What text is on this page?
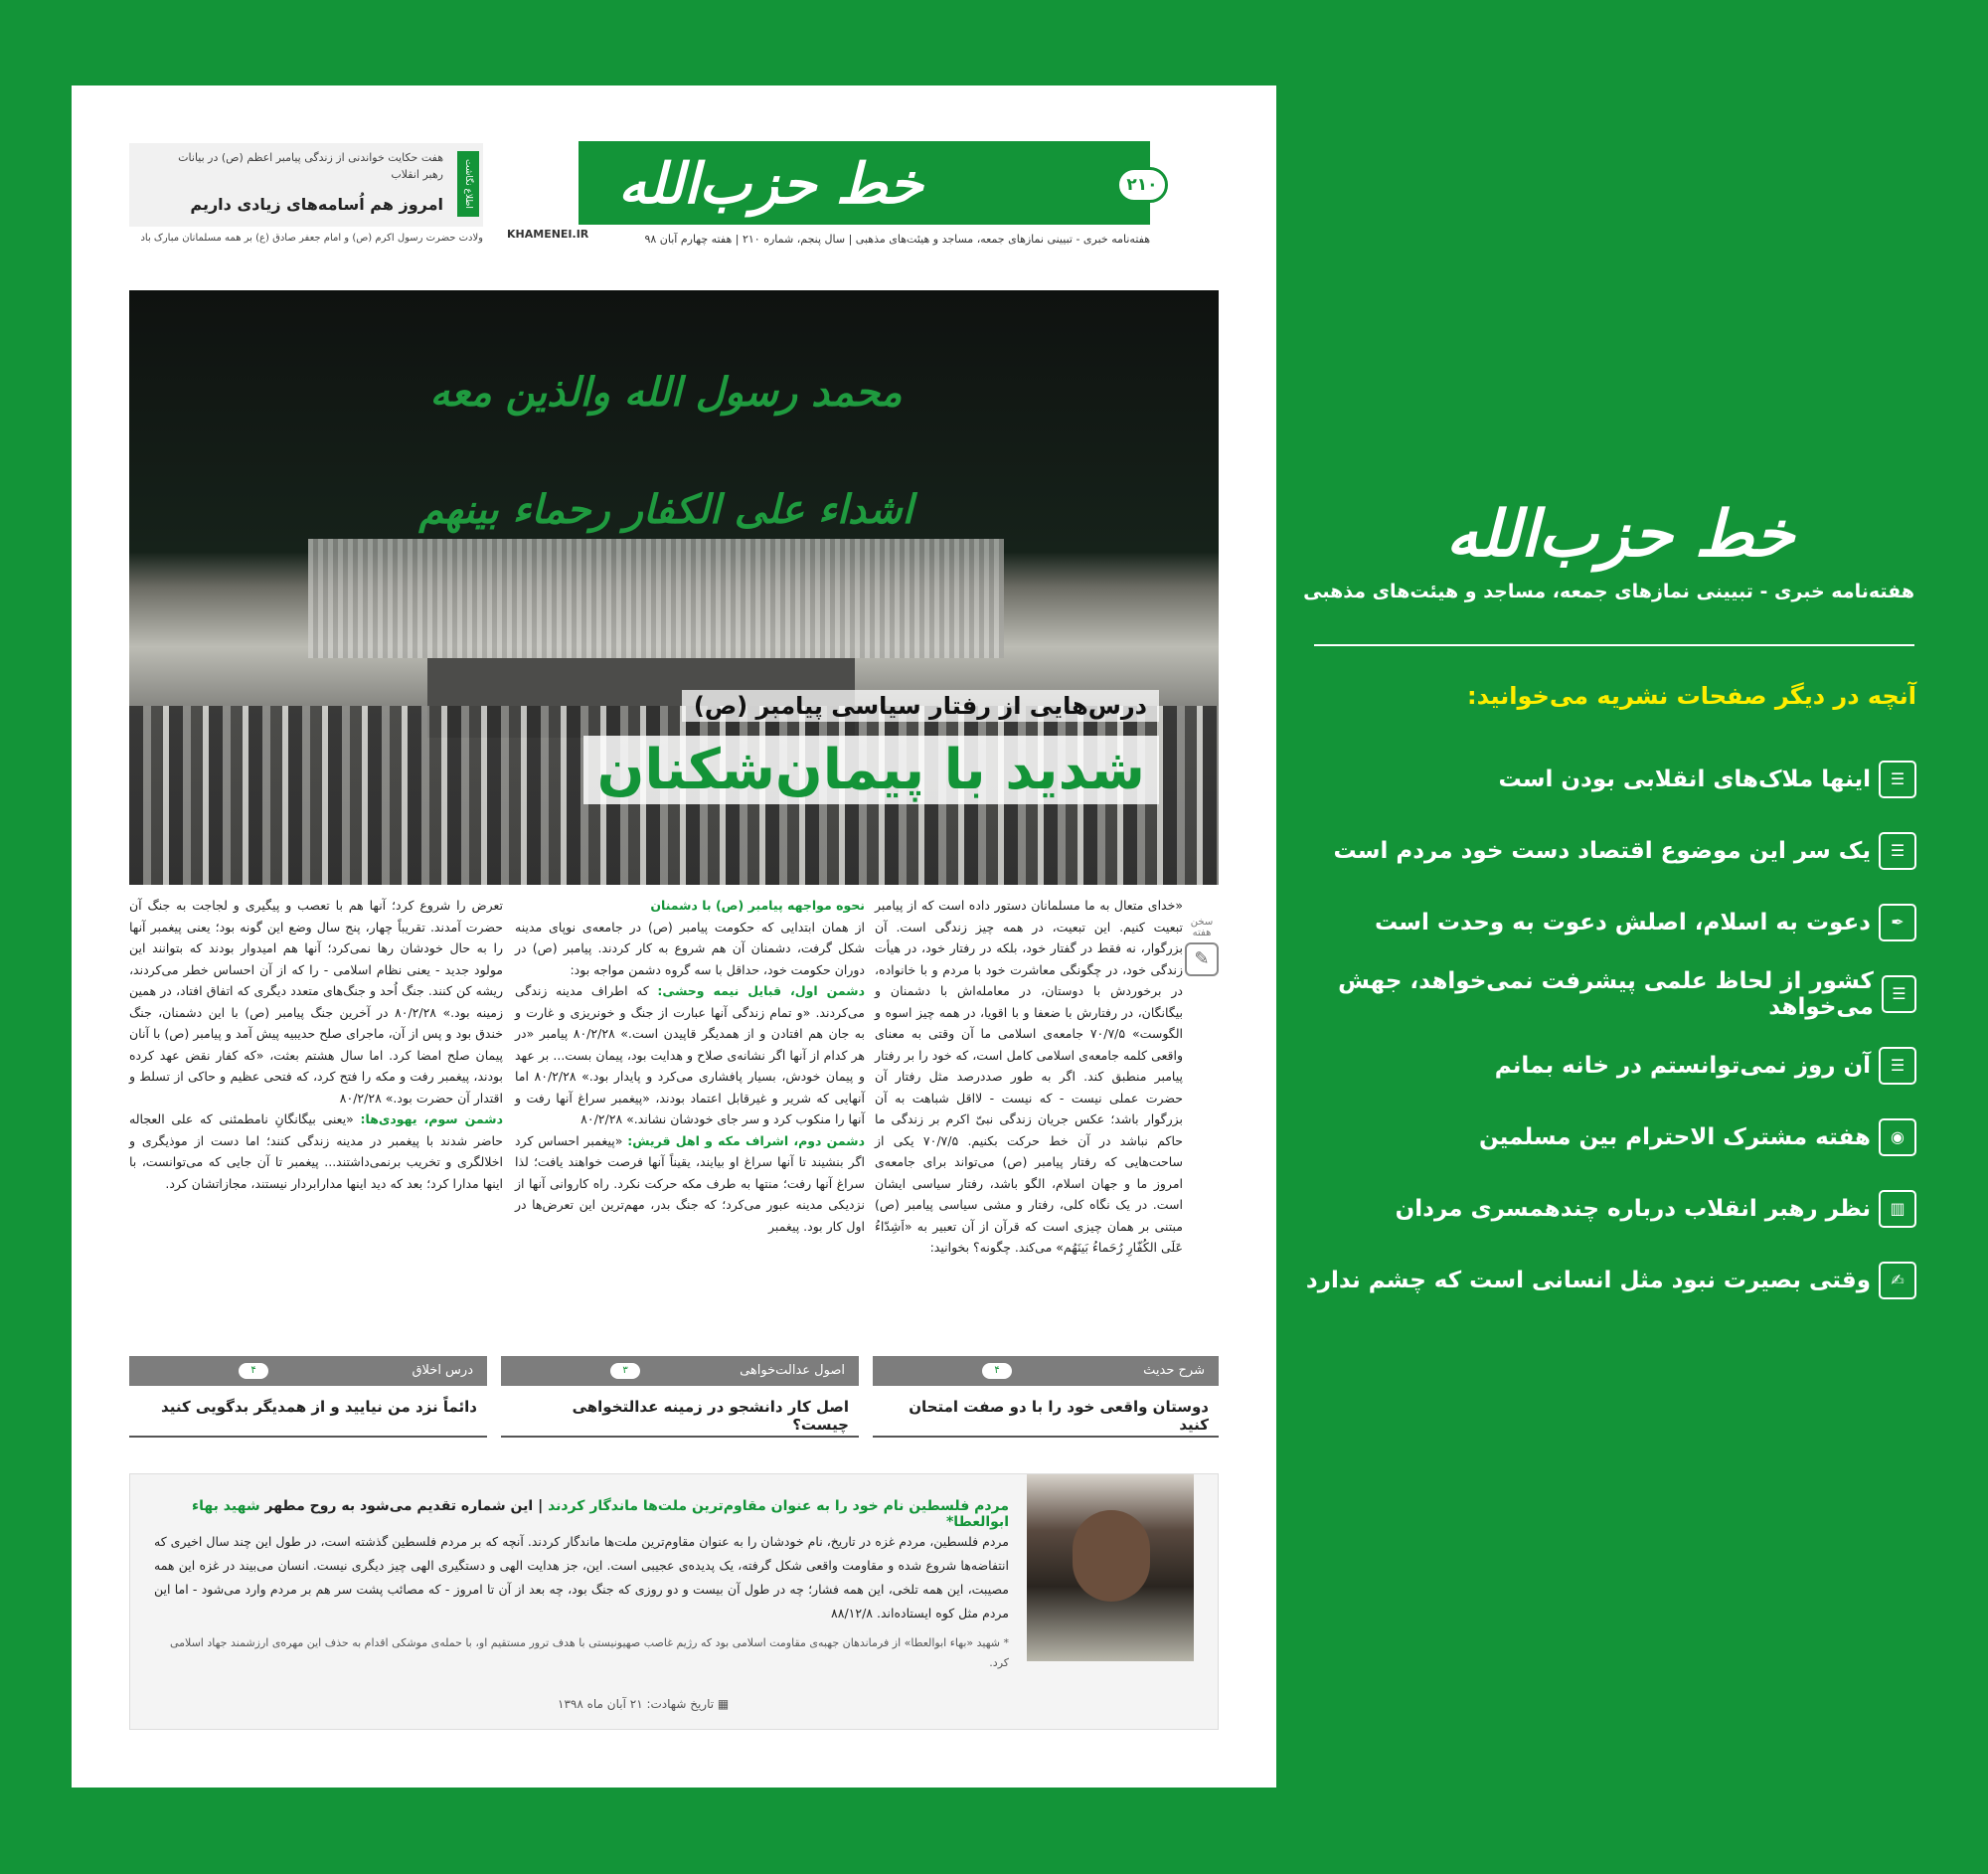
اطلاع نگاشت
هفت حکایت خواندنی از زندگی پیامبر اعظم (ص) در بیانات رهبر انقلاب
امروز هم اُسامه‌های زیادی داریم
ولادت حضرت رسول اکرم (ص) و امام جعفر صادق (ع) بر همه مسلمانان مبارک باد KHAMENEI.IR
خط حزب‌الله	۲۱۰
هفته‌نامه خبری - تبیینی نمازهای جمعه، مساجد و هیئت‌های مذهبی | سال پنجم، شماره ۲۱۰ | هفته چهارم آبان ۹۸
محمد رسول الله والذین معه اشداء علی الکفار رحماء بینهم
درس‌هایی از رفتار سیاسی پیامبر (ص)
شدید با پیمان‌شکنان
سخن هفته
✎

«خدای متعال به ما مسلمانان دستور داده است که از پیامبر تبعیت کنیم. این تبعیت، در همه چیز زندگی است. آن بزرگوار، نه فقط در گفتار خود، بلکه در رفتار خود، در هیأت زندگی خود، در چگونگی معاشرت خود با مردم و با خانواده، در برخوردش با دوستان، در معامله‌اش با دشمنان و بیگانگان، در رفتارش با ضعفا و با اقویا، در همه چیز اسوه و الگوست» ۷۰/۷/۵ جامعه‌ی اسلامی ما آن وقتی به معنای واقعی کلمه جامعه‌ی اسلامی کامل است، که خود را بر رفتار پیامبر منطبق کند. اگر به طور صددرصد مثل رفتار آن حضرت عملی نیست - که نیست - لااقل شباهت به آن بزرگوار باشد؛ عکس جریان زندگی نبیّ اکرم بر زندگی ما حاکم نباشد در آن خط حرکت بکنیم. ۷۰/۷/۵ یکی از ساحت‌هایی که رفتار پیامبر (ص) می‌تواند برای جامعه‌ی امروز ما و جهان اسلام، الگو باشد، رفتار سیاسی ایشان است. در یک نگاه کلی، رفتار و مشی سیاسی پیامبر (ص) مبتنی بر همان چیزی است که قرآن از آن تعبیر به «اَشِدّاءُ عَلَی الکُفّارِ رُحَماءُ بَینَهُم» می‌کند. چگونه؟ بخوانید:

نحوه مواجهه پیامبر (ص) با دشمنان

از همان ابتدایی که حکومت پیامبر (ص) در جامعه‌ی نوپای مدینه شکل گرفت، دشمنان آن هم شروع به کار کردند. پیامبر (ص) در دوران حکومت خود، حداقل با سه گروه دشمن مواجه بود:

دشمن اول، قبایل نیمه وحشی: که اطراف مدینه زندگی می‌کردند. «و تمام زندگی آنها عبارت از جنگ و خونریزی و غارت و به جان هم افتادن و از همدیگر قاپیدن است.» ۸۰/۲/۲۸ پیامبر «در هر کدام از آنها اگر نشانه‌ی صلاح و هدایت بود، پیمان بست... بر عهد و پیمان خودش، بسیار پافشاری می‌کرد و پایدار بود.» ۸۰/۲/۲۸ اما آنهایی که شریر و غیرقابل اعتماد بودند، «پیغمبر سراغ آنها رفت و آنها را منکوب کرد و سر جای خودشان نشاند.» ۸۰/۲/۲۸

دشمن دوم، اشراف مکه و اهل قریش: «پیغمبر احساس کرد اگر بنشیند تا آنها سراغ او بیایند، یقیناً آنها فرصت خواهند یافت؛ لذا سراغ آنها رفت؛ منتها به طرف مکه حرکت نکرد. راه کاروانی آنها از نزدیکی مدینه عبور می‌کرد؛ که جنگ بدر، مهم‌ترین این تعرض‌ها در اول کار بود. پیغمبر

تعرض را شروع کرد؛ آنها هم با تعصب و پیگیری و لجاجت به جنگ آن حضرت آمدند. تقریباً چهار، پنج سال وضع این گونه بود؛ یعنی پیغمبر آنها را به حال خودشان رها نمی‌کرد؛ آنها هم امیدوار بودند که بتوانند این مولود جدید - یعنی نظام اسلامی - را که از آن احساس خطر می‌کردند، ریشه کن کنند. جنگ اُحد و جنگ‌های متعدد دیگری که اتفاق افتاد، در همین زمینه بود.» ۸۰/۲/۲۸ در آخرین جنگ پیامبر (ص) با این دشمنان، جنگ خندق بود و پس از آن، ماجرای صلح حدیبیه پیش آمد و پیامبر (ص) با آنان پیمان صلح امضا کرد. اما سال هشتم بعثت، «که کفار نقض عهد کرده بودند، پیغمبر رفت و مکه را فتح کرد، که فتحی عظیم و حاکی از تسلط و اقتدار آن حضرت بود.» ۸۰/۲/۲۸

دشمن سوم، یهودی‌ها: «یعنی بیگانگانِ نامطمئنی که علی العجاله حاضر شدند با پیغمبر در مدینه زندگی کنند؛ اما دست از موذیگری و اخلالگری و تخریب برنمی‌داشتند... پیغمبر تا آن جایی که می‌توانست، با اینها مدارا کرد؛ بعد که دید اینها مدارابردار نیستند، مجازاتشان کرد.

شرح حدیث
۴
دوستان واقعی خود را با دو صفت امتحان کنید
اصول عدالت‌خواهی
۳
اصل کار دانشجو در زمینه عدالتخواهی چیست؟
درس اخلاق
۴
دائماً نزد من نیایید و از همدیگر بدگویی کنید
مردم فلسطین نام خود را به عنوان مقاوم‌ترین ملت‌ها ماندگار کردند | این شماره تقدیم می‌شود به روح مطهر شهید بهاء ابوالعطا*
مردم فلسطین، مردم غزه در تاریخ، نام خودشان را به عنوان مقاوم‌ترین ملت‌ها ماندگار کردند. آنچه که بر مردم فلسطین گذشته است، در طول این چند سال اخیری که انتفاضه‌ها شروع شده و مقاومت واقعی شکل گرفته، یک پدیده‌ی عجیبی است. این، جز هدایت الهی و دستگیری الهی چیز دیگری نیست. انسان می‌بیند در غزه این همه مصیبت، این همه تلخی، این همه فشار؛ چه در طول آن بیست و دو روزی که جنگ بود، چه بعد از آن تا امروز - که مصائب پشت سر هم بر مردم وارد می‌شود - اما این مردم مثل کوه ایستاده‌اند. ۸۸/۱۲/۸
* شهید «بهاء ابوالعطا» از فرماندهان جهبه‌ی مقاومت اسلامی بود که رژیم غاصب صهیونیستی با هدف ترور مستقیم او، با حمله‌ی موشکی اقدام به حذف این مهره‌ی ارزشمند جهاد اسلامی کرد.
▦ تاریخ شهادت: ۲۱ آبان ماه ۱۳۹۸
خط حزب‌الله
هفته‌نامه خبری - تبیینی نمازهای جمعه، مساجد و هیئت‌های مذهبی
آنچه در دیگر صفحات نشریه می‌خوانید:
☰
اینها ملاک‌های انقلابی بودن است
☰
یک سر این موضوع اقتصاد دست خود مردم است
✒
دعوت به اسلام، اصلش دعوت به وحدت است
☰
کشور از لحاظ علمی پیشرفت نمی‌خواهد، جهش می‌خواهد
☰
آن روز نمی‌توانستم در خانه بمانم
◉
هفته مشترک الاحترام بین مسلمین
▥
نظر رهبر انقلاب درباره چندهمسری مردان
✍
وقتی بصیرت نبود مثل انسانی است که چشم ندارد
